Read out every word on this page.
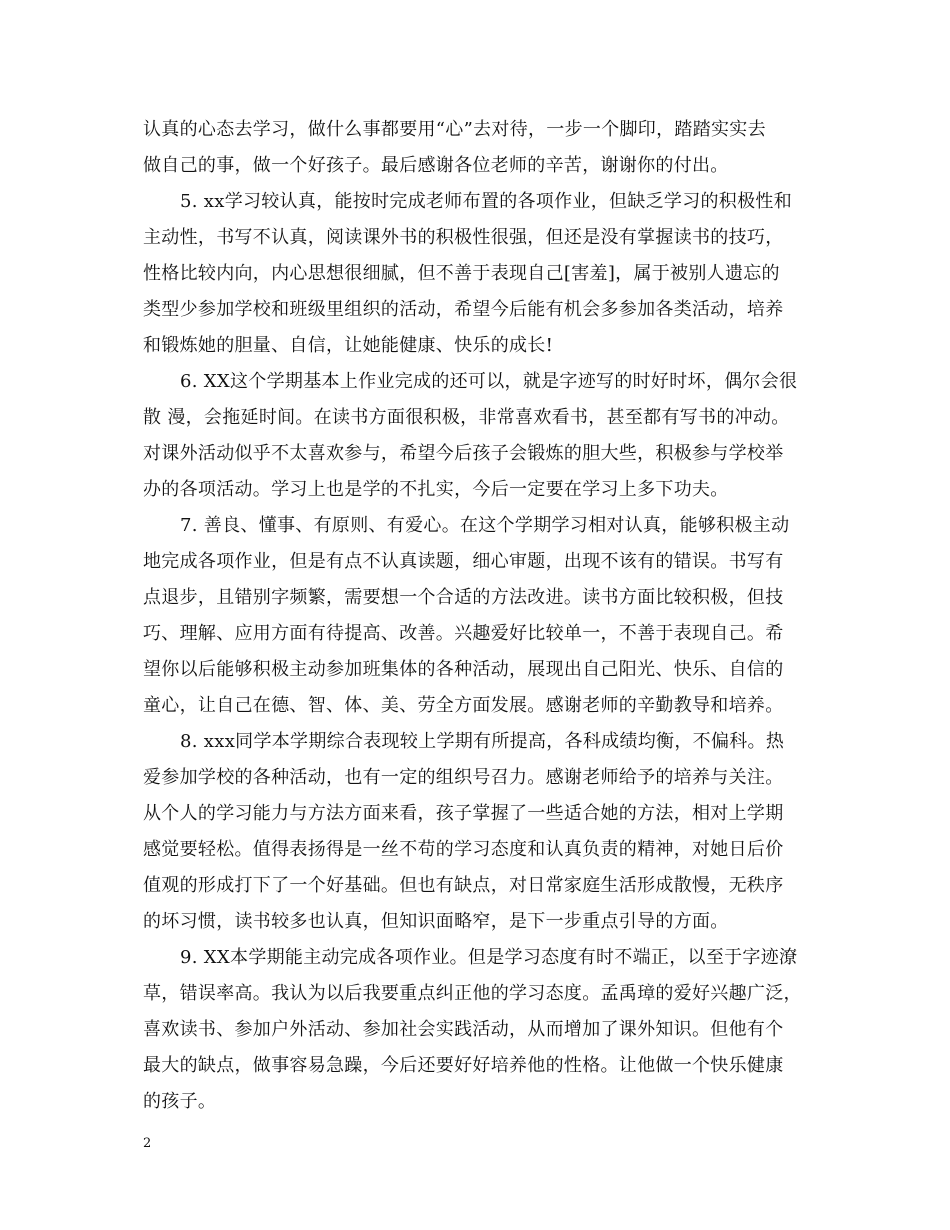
认真的心态去学习，做什么事都要用“心”去对待，一步一个脚印，踏踏实实去
做自己的事，做一个好孩子。最后感谢各位老师的辛苦，谢谢你的付出。
5. xx学习较认真，能按时完成老师布置的各项作业，但缺乏学习的积极性和
主动性，书写不认真，阅读课外书的积极性很强，但还是没有掌握读书的技巧，
性格比较内向，内心思想很细腻，但不善于表现自己[害羞]，属于被别人遗忘的
类型少参加学校和班级里组织的活动，希望今后能有机会多参加各类活动，培养
和锻炼她的胆量、自信，让她能健康、快乐的成长!
6. XX这个学期基本上作业完成的还可以，就是字迹写的时好时坏，偶尔会很
散 漫，会拖延时间。在读书方面很积极，非常喜欢看书，甚至都有写书的冲动。
对课外活动似乎不太喜欢参与，希望今后孩子会锻炼的胆大些，积极参与学校举
办的各项活动。学习上也是学的不扎实，今后一定要在学习上多下功夫。
7. 善良、懂事、有原则、有爱心。在这个学期学习相对认真，能够积极主动
地完成各项作业，但是有点不认真读题，细心审题，出现不该有的错误。书写有
点退步，且错别字频繁，需要想一个合适的方法改进。读书方面比较积极，但技
巧、理解、应用方面有待提高、改善。兴趣爱好比较单一，不善于表现自己。希
望你以后能够积极主动参加班集体的各种活动，展现出自己阳光、快乐、自信的
童心，让自己在德、智、体、美、劳全方面发展。感谢老师的辛勤教导和培养。
8. xxx同学本学期综合表现较上学期有所提高，各科成绩均衡，不偏科。热
爱参加学校的各种活动，也有一定的组织号召力。感谢老师给予的培养与关注。
从个人的学习能力与方法方面来看，孩子掌握了一些适合她的方法，相对上学期
感觉要轻松。值得表扬得是一丝不苟的学习态度和认真负责的精神，对她日后价
值观的形成打下了一个好基础。但也有缺点，对日常家庭生活形成散慢，无秩序
的坏习惯，读书较多也认真，但知识面略窄，是下一步重点引导的方面。
9. XX本学期能主动完成各项作业。但是学习态度有时不端正，以至于字迹潦
草，错误率高。我认为以后我要重点纠正他的学习态度。孟禹璋的爱好兴趣广泛，
喜欢读书、参加户外活动、参加社会实践活动，从而增加了课外知识。但他有个
最大的缺点，做事容易急躁，今后还要好好培养他的性格。让他做一个快乐健康
的孩子。
2
